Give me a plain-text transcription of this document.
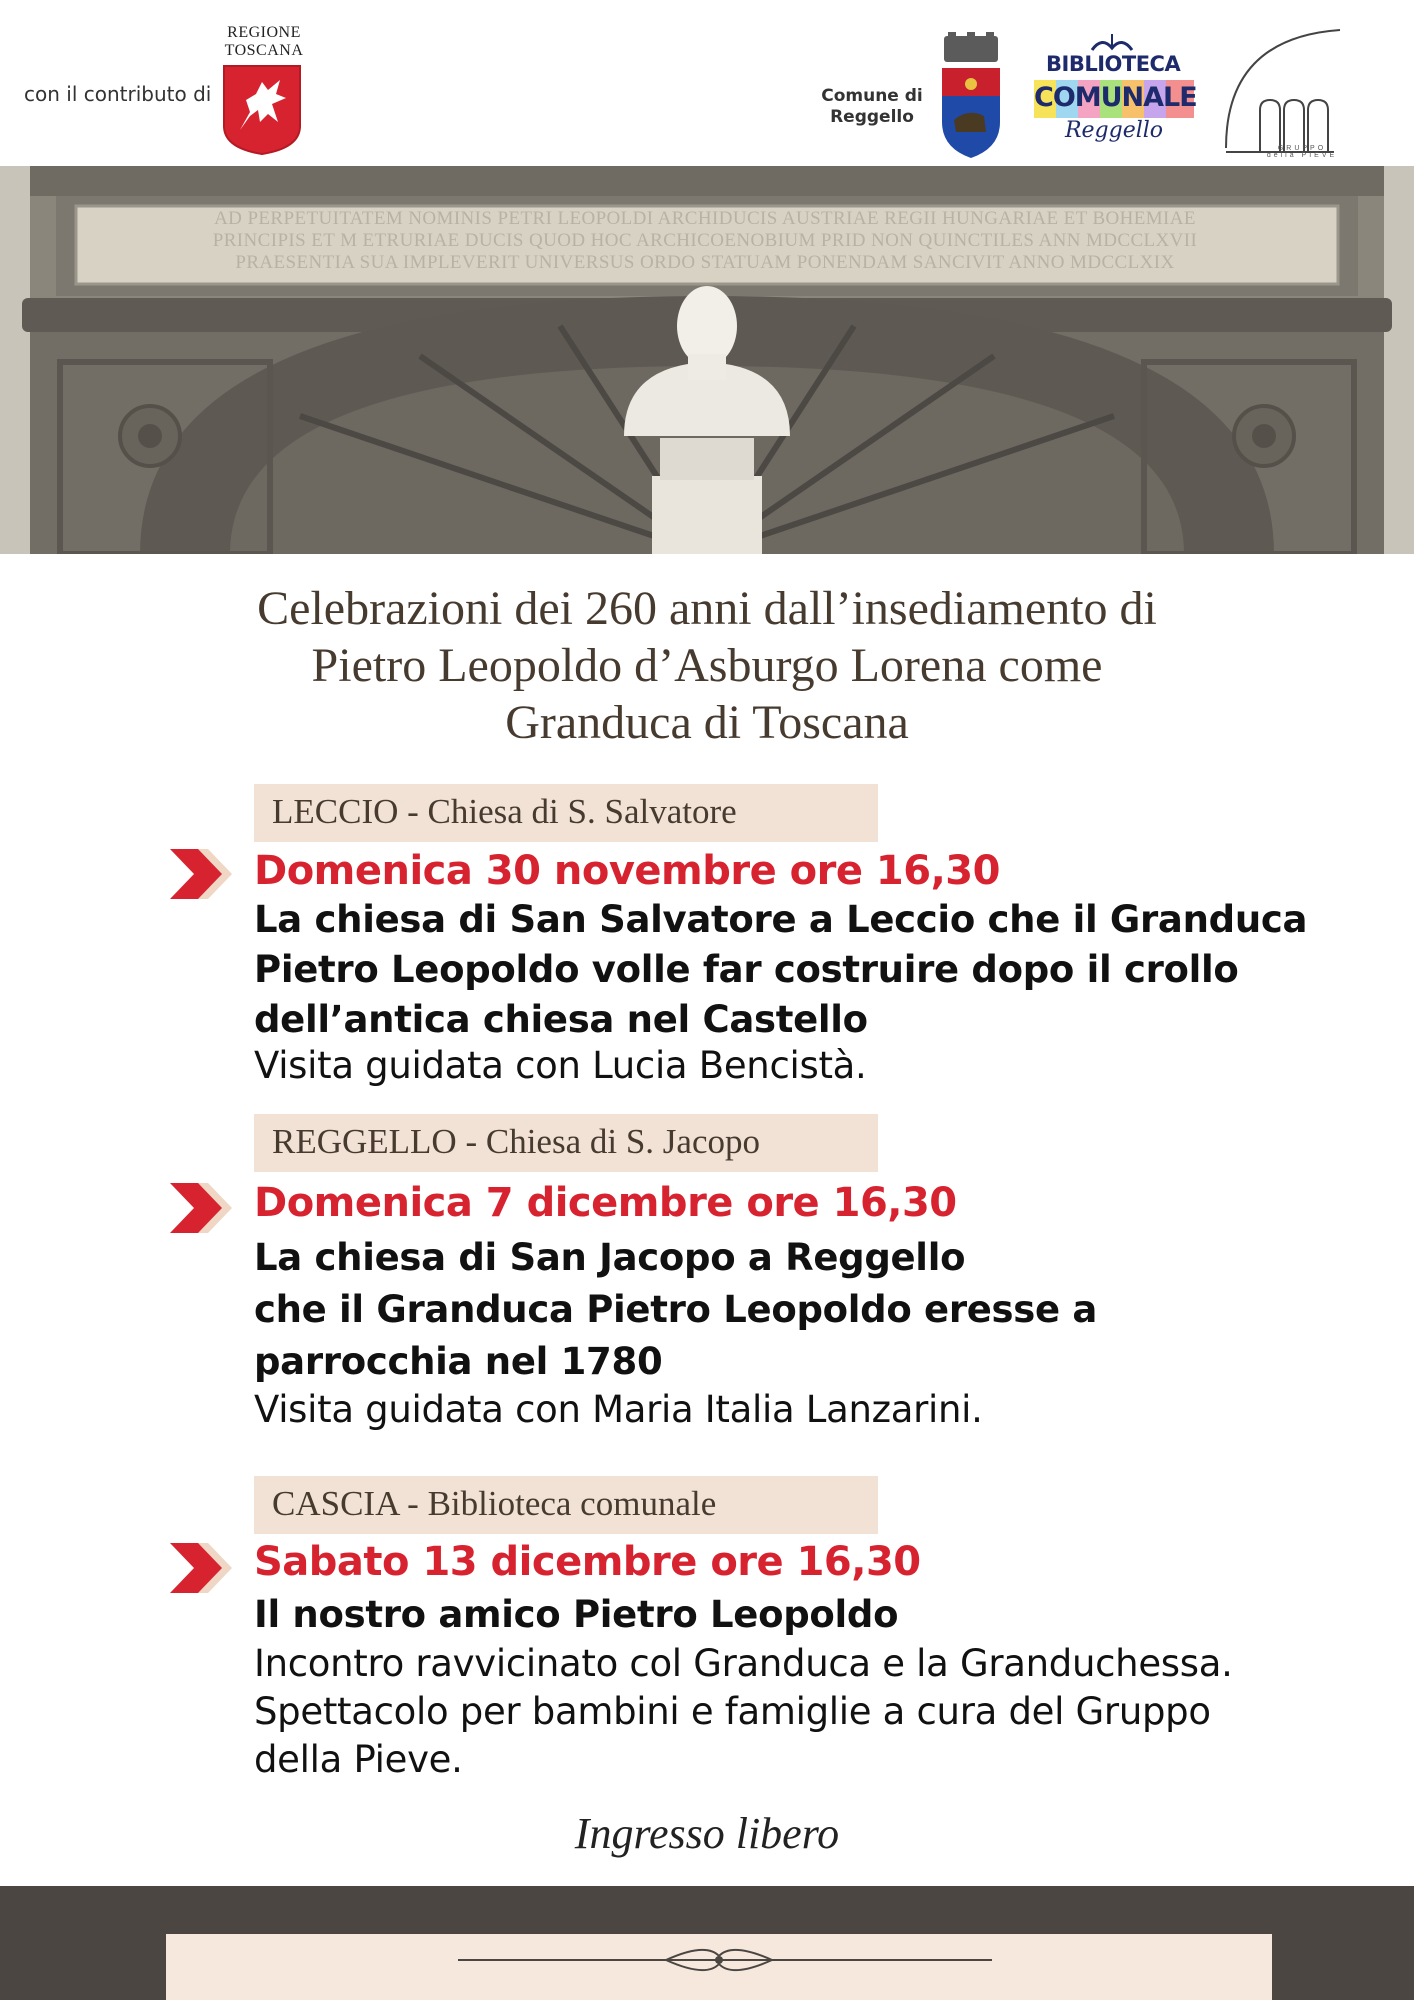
con il contributo di
REGIONE TOSCANA
Comune di Reggello
BIBLIOTECA
COMUNALE
Reggello
GRUPPO della PIEVE
AD PERPETUITATEM NOMINIS PETRI LEOPOLDI ARCHIDUCIS AUSTRIAE REGII HUNGARIAE ET BOHEMIAE
PRINCIPIS ET M ETRURIAE DUCIS QUOD HOC ARCHICOENOBIUM PRID NON QUINCTILES ANN MDCCLXVII
PRAESENTIA SUA IMPLEVERIT UNIVERSUS ORDO STATUAM PONENDAM SANCIVIT ANNO MDCCLXIX
Celebrazioni dei 260 anni dall’insediamento di
Pietro Leopoldo d’Asburgo Lorena come
Granduca di Toscana
LECCIO - Chiesa di S. Salvatore
Domenica 30 novembre ore 16,30
La chiesa di San Salvatore a Leccio che il Granduca
Pietro Leopoldo volle far costruire dopo il crollo
dell’antica chiesa nel Castello
Visita guidata con Lucia Bencistà.
REGGELLO - Chiesa di S. Jacopo
Domenica 7 dicembre ore 16,30
La chiesa di San Jacopo a Reggello
che il Granduca Pietro Leopoldo eresse a
parrocchia nel 1780
Visita guidata con Maria Italia Lanzarini.
CASCIA - Biblioteca comunale
Sabato 13 dicembre ore 16,30
Il nostro amico Pietro Leopoldo
Incontro ravvicinato col Granduca e la Granduchessa.
Spettacolo per bambini e famiglie a cura del Gruppo
della Pieve.
Ingresso libero
